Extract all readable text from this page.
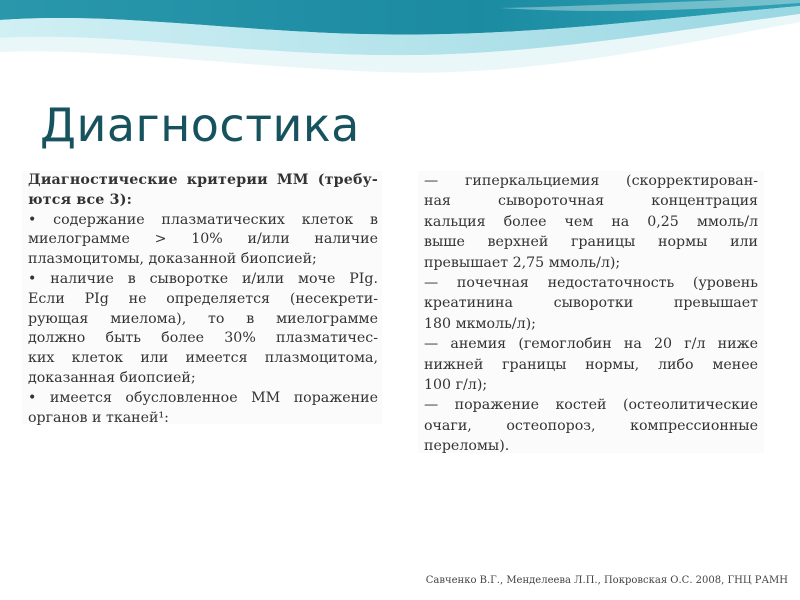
Диагностика
Диагностические критерии ММ (требу-
ются все 3):
• содержание плазматических клеток в
миелограмме > 10% и/или наличие
плазмоцитомы, доказанной биопсией;
• наличие в сыворотке и/или моче PIg.
Если PIg не определяется (несекрети-
рующая миелома), то в миелограмме
должно быть более 30% плазматичес-
ких клеток или имеется плазмоцитома,
доказанная биопсией;
• имеется обусловленное ММ поражение
органов и тканей¹:
— гиперкальциемия (скорректирован-
ная сывороточная концентрация
кальция более чем на 0,25 ммоль/л
выше верхней границы нормы или
превышает 2,75 ммоль/л);
— почечная недостаточность (уровень
креатинина сыворотки превышает
180 мкмоль/л);
— анемия (гемоглобин на 20 г/л ниже
нижней границы нормы, либо менее
100 г/л);
— поражение костей (остеолитические
очаги, остеопороз, компрессионные
переломы).
Савченко В.Г., Менделеева Л.П., Покровская О.С. 2008, ГНЦ РАМН
